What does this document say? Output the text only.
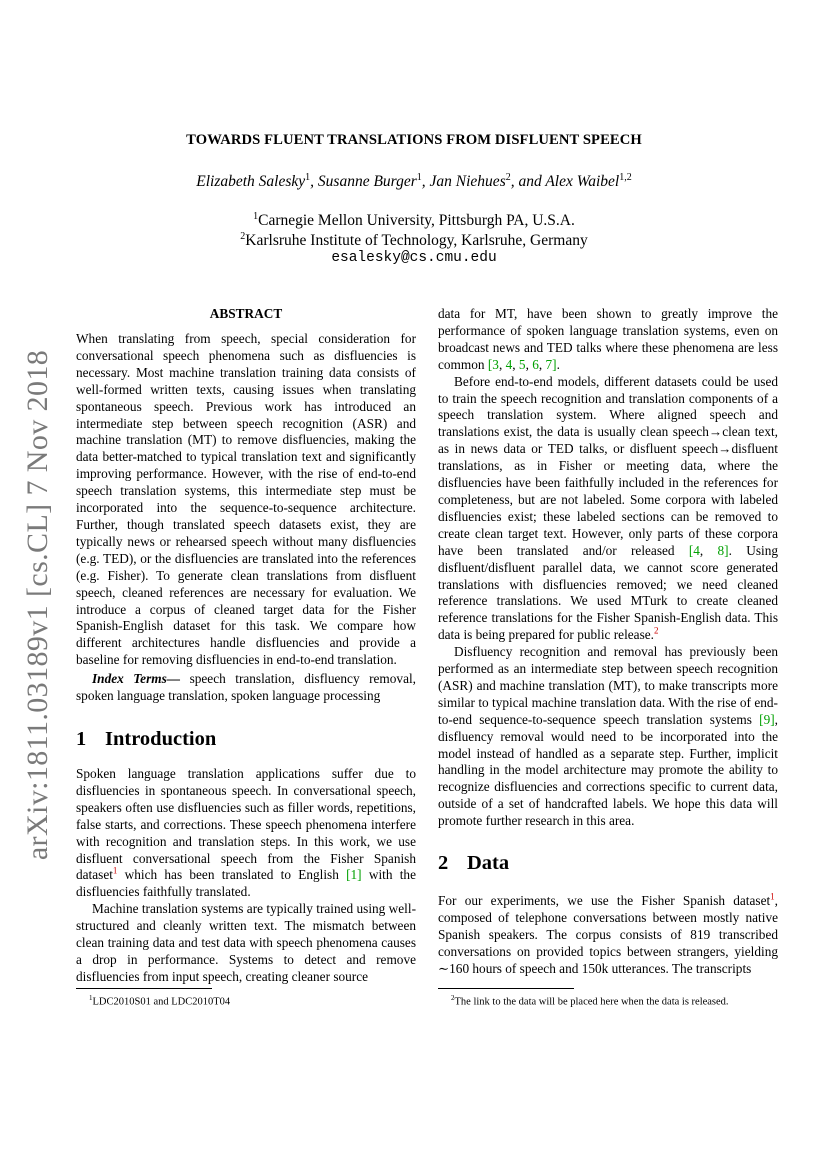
arXiv:1811.03189v1 [cs.CL] 7 Nov 2018
TOWARDS FLUENT TRANSLATIONS FROM DISFLUENT SPEECH
Elizabeth Salesky$^1$, Susanne Burger$^1$, Jan Niehues$^2$, and Alex Waibel$^{1,2}$
$^1$Carnegie Mellon University, Pittsburgh PA, U.S.A.
$^2$Karlsruhe Institute of Technology, Karlsruhe, Germany
esalesky@cs.cmu.edu
ABSTRACT

When translating from speech, special consideration for conversational speech phenomena such as disfluencies is necessary. Most machine translation training data consists of well-formed written texts, causing issues when translating spontaneous speech. Previous work has introduced an intermediate step between speech recognition (ASR) and machine translation (MT) to remove disfluencies, making the data better-matched to typical translation text and significantly improving performance. However, with the rise of end-to-end speech translation systems, this intermediate step must be incorporated into the sequence-to-sequence architecture. Further, though translated speech datasets exist, they are typically news or rehearsed speech without many disfluencies (e.g. TED), or the disfluencies are translated into the references (e.g. Fisher). To generate clean translations from disfluent speech, cleaned references are necessary for evaluation. We introduce a corpus of cleaned target data for the Fisher Spanish-English dataset for this task. We compare how different architectures handle disfluencies and provide a baseline for removing disfluencies in end-to-end translation.

Index Terms— speech translation, disfluency removal, spoken language translation, spoken language processing

1 Introduction

Spoken language translation applications suffer due to disfluencies in spontaneous speech. In conversational speech, speakers often use disfluencies such as filler words, repetitions, false starts, and corrections. These speech phenomena interfere with recognition and translation steps. In this work, we use disfluent conversational speech from the Fisher Spanish dataset$^1$ which has been translated to English [1] with the disfluencies faithfully translated.

Machine translation systems are typically trained using well-structured and cleanly written text. The mismatch between clean training data and test data with speech phenomena causes a drop in performance. Systems to detect and remove disfluencies from input speech, creating cleaner source

$^1$LDC2010S01 and LDC2010T04

data for MT, have been shown to greatly improve the performance of spoken language translation systems, even on broadcast news and TED talks where these phenomena are less common [3, 4, 5, 6, 7].

Before end-to-end models, different datasets could be used to train the speech recognition and translation components of a speech translation system. Where aligned speech and translations exist, the data is usually clean speech→clean text, as in news data or TED talks, or disfluent speech→disfluent translations, as in Fisher or meeting data, where the disfluencies have been faithfully included in the references for completeness, but are not labeled. Some corpora with labeled disfluencies exist; these labeled sections can be removed to create clean target text. However, only parts of these corpora have been translated and/or released [4, 8]. Using disfluent/disfluent parallel data, we cannot score generated translations with disfluencies removed; we need cleaned reference translations. We used MTurk to create cleaned reference translations for the Fisher Spanish-English data. This data is being prepared for public release.$^2$

Disfluency recognition and removal has previously been performed as an intermediate step between speech recognition (ASR) and machine translation (MT), to make transcripts more similar to typical machine translation data. With the rise of end-to-end sequence-to-sequence speech translation systems [9], disfluency removal would need to be incorporated into the model instead of handled as a separate step. Further, implicit handling in the model architecture may promote the ability to recognize disfluencies and corrections specific to current data, outside of a set of handcrafted labels. We hope this data will promote further research in this area.

2 Data

For our experiments, we use the Fisher Spanish dataset$^1$, composed of telephone conversations between mostly native Spanish speakers. The corpus consists of 819 transcribed conversations on provided topics between strangers, yielding ∼160 hours of speech and 150k utterances. The transcripts

$^2$The link to the data will be placed here when the data is released.
